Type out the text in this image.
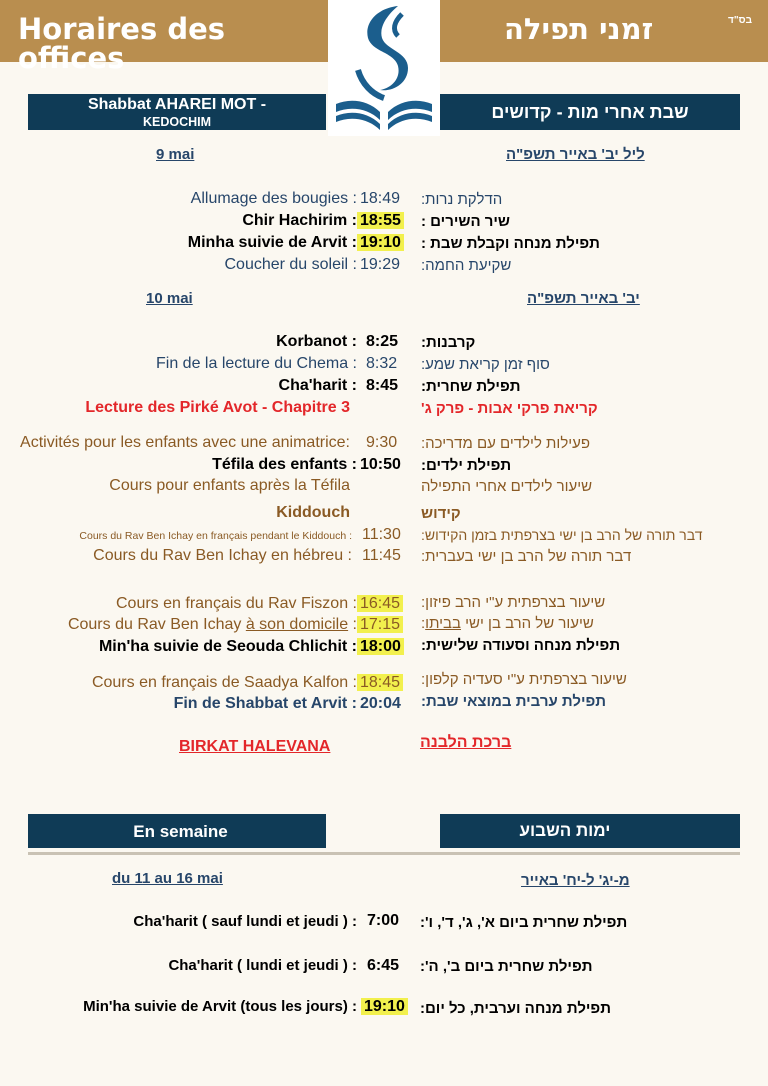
Horaires des offices
זמני תפילה	בס"ד
Shabbat AHAREI MOT -
KEDOCHIM	שבת אחרי מות - קדושים
9 mai	ליל יב' באייר תשפ"ה
10 mai	יב' באייר תשפ"ה
Allumage des bougies : 18:49 הדלקת נרות:
Chir Hachirim : 18:55 שיר השירים :
Minha suivie de Arvit : 19:10 תפילת מנחה וקבלת שבת :
Coucher du soleil : 19:29 שקיעת החמה:
Korbanot : 8:25 קרבנות:
Fin de la lecture du Chema : 8:32 סוף זמן קריאת שמע:
Cha'harit : 8:45 תפילת שחרית:
Lecture des Pirké Avot - Chapitre 3	קריאת פרקי אבות - פרק ג'
Activités pour les enfants avec une animatrice: 9:30 פעילות לילדים עם מדריכה:
Téfila des enfants : 10:50 תפילת ילדים:
Cours pour enfants après la Téfila	שיעור לילדים אחרי התפילה
Kiddouch	קידוש
Cours du Rav Ben Ichay en français pendant le Kiddouch : 11:30 דבר תורה של הרב בן ישי בצרפתית בזמן הקידוש:
Cours du Rav Ben Ichay en hébreu : 11:45 דבר תורה של הרב בן ישי בעברית:
Cours en français du Rav Fiszon : 16:45 שיעור בצרפתית ע"י הרב פיזון:
Cours du Rav Ben Ichay à son domicile : 17:15	שיעור של הרב בן ישי בביתו:
Min'ha suivie de Seouda Chlichit : 18:00 תפילת מנחה וסעודה שלישית:
Cours en français de Saadya Kalfon : 18:45 שיעור בצרפתית ע"י סעדיה קלפון:
Fin de Shabbat et Arvit : 20:04 תפילת ערבית במוצאי שבת:
BIRKAT HALEVANA	ברכת הלבנה
En semaine	ימות השבוע
du 11 au 16 mai	מ-יג' ל-יח' באייר
Cha'harit ( sauf lundi et jeudi ) : 7:00 תפילת שחרית ביום א', ג', ד', ו':
Cha'harit ( lundi et jeudi ) : 6:45 תפילת שחרית ביום ב', ה':
Min'ha suivie de Arvit (tous les jours) : 19:10 תפילת מנחה וערבית, כל יום:
